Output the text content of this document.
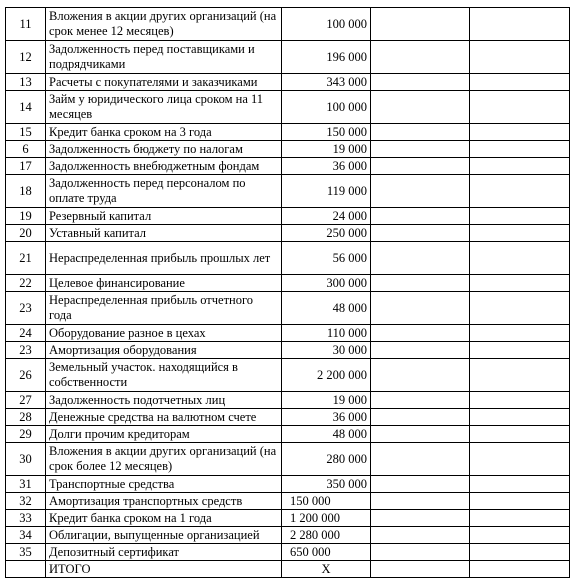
11	Вложения в акции других организаций (на срок менее 12 месяцев)	100 000		
12	Задолженность перед поставщиками и подрядчиками	196 000		
13	Расчеты с покупателями и заказчиками	343 000		
14	Займ у юридического лица сроком на 11 месяцев	100 000		
15	Кредит банка сроком на 3 года	150 000		
6	Задолженность бюджету по налогам	19 000		
17	Задолженность внебюджетным фондам	36 000		
18	Задолженность перед персоналом по оплате труда	119 000		
19	Резервный капитал	24 000		
20	Уставный капитал	250 000		
21	Нераспределенная прибыль прошлых лет	56 000		
22	Целевое финансирование	300 000		
23	Нераспределенная прибыль отчетного года	48 000		
24	Оборудование разное в цехах	110 000		
23	Амортизация оборудования	30 000		
26	Земельный участок. находящийся в собственности	2 200 000		
27	Задолженность подотчетных лиц	19 000		
28	Денежные средства на валютном счете	36 000		
29	Долги прочим кредиторам	48 000		
30	Вложения в акции других организаций (на срок более 12 месяцев)	280 000		
31	Транспортные средства	350 000		
32	Амортизация транспортных средств	150 000		
33	Кредит банка сроком на 1 года	1 200 000		
34	Облигации, выпущенные организацией	2 280 000		
35	Депозитный сертификат	650 000		
	ИТОГО	Х		
